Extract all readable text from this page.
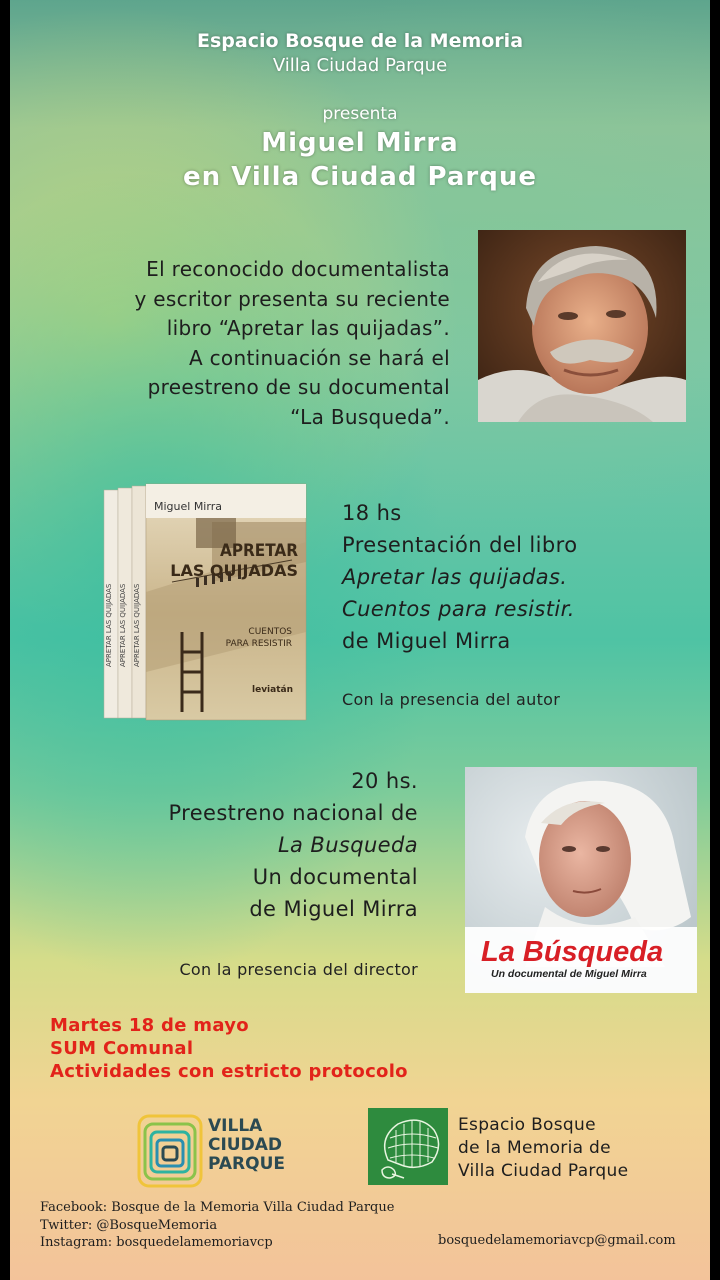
Espacio Bosque de la Memoria
Villa Ciudad Parque
presenta
Miguel Mirra
en Villa Ciudad Parque
El reconocido documentalista
y escritor presenta su reciente
libro “Apretar las quijadas”.
A continuación se hará el
preestreno de su documental
“La Busqueda”.
APRETAR LAS QUIJADAS APRETAR LAS QUIJADAS APRETAR LAS QUIJADAS
Miguel Mirra
APRETAR
LAS QUIJADAS
CUENTOS
PARA RESISTIR
leviatán
18 hs
Presentación del libro
Apretar las quijadas.
Cuentos para resistir.
de Miguel Mirra
Con la presencia del autor
20 hs.
Preestreno nacional de
La Busqueda
Un documental
de Miguel Mirra
Con la presencia del director
La Búsqueda
Un documental de Miguel Mirra
Martes 18 de mayo
SUM Comunal
Actividades con estricto protocolo
VILLA
CIUDAD
PARQUE
Espacio Bosque
de la Memoria de
Villa Ciudad Parque
Facebook: Bosque de la Memoria Villa Ciudad Parque
Twitter: @BosqueMemoria
Instagram: bosquedelamemoriavcp	bosquedelamemoriavcp@gmail.com
